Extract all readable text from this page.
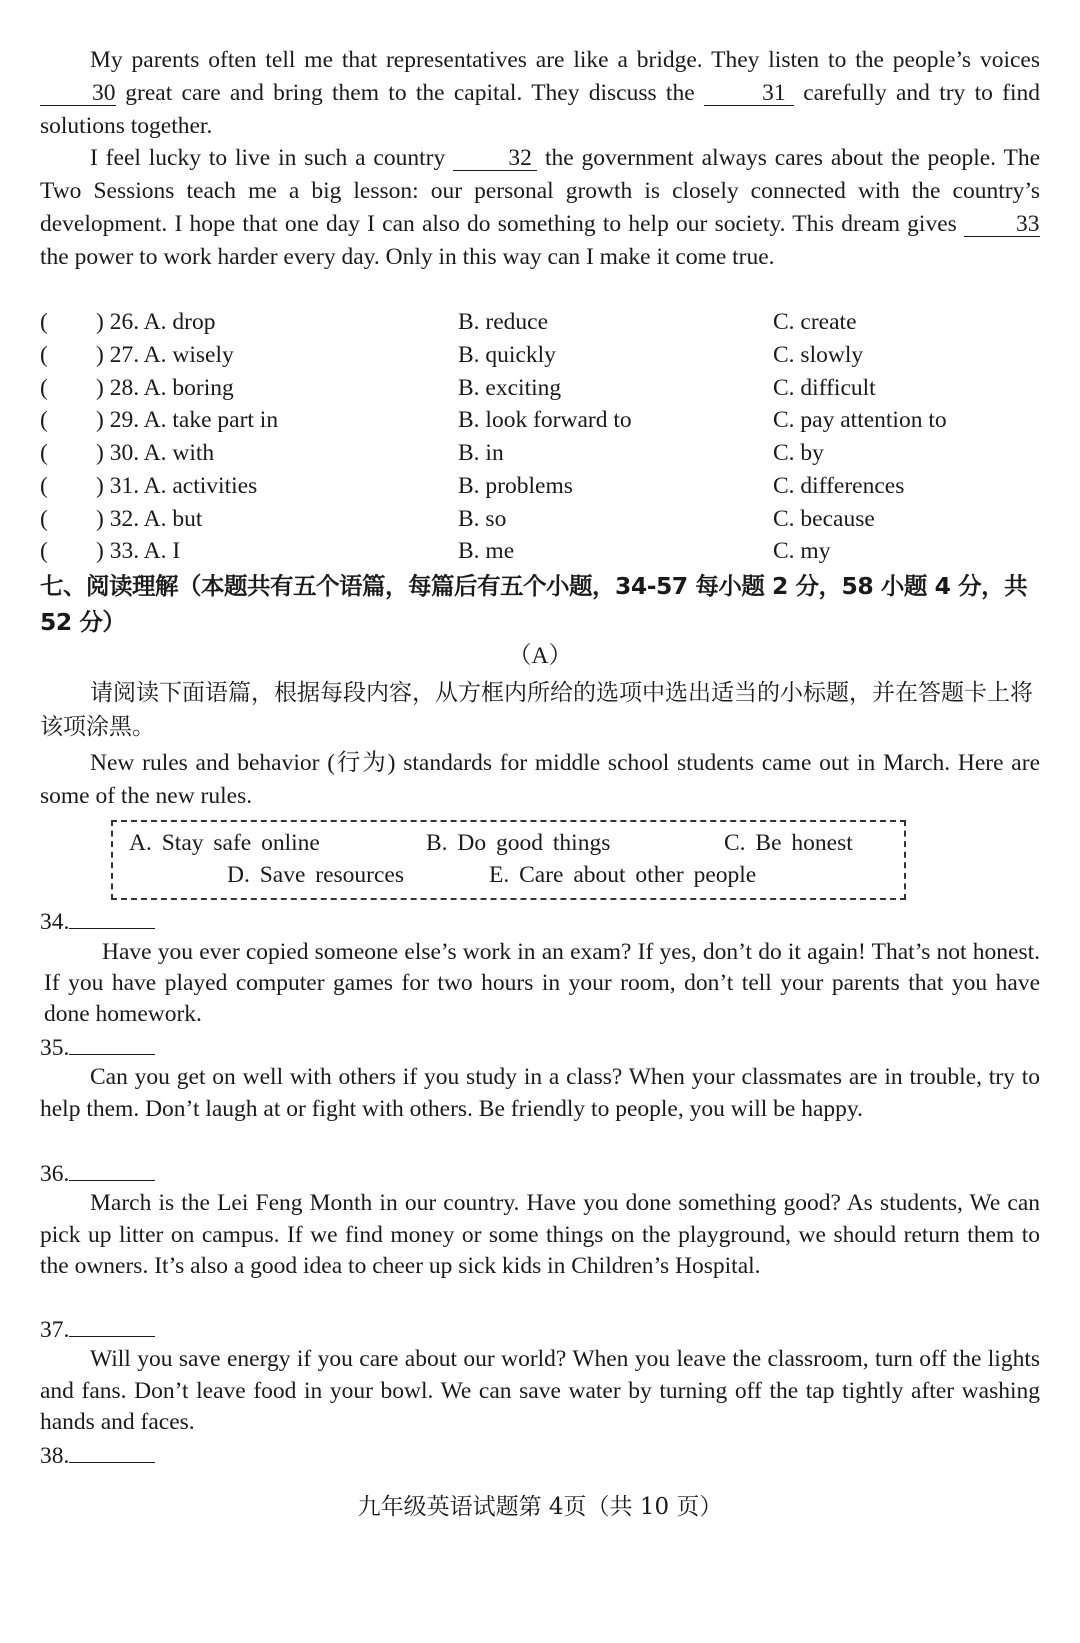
My parents often tell me that representatives are like a bridge. They listen to the people’s voices 30 great care and bring them to the capital. They discuss the	31 carefully and try to find solutions together.
I feel lucky to live in such a country	32 the government always cares about the people. The Two Sessions teach me a big lesson: our personal growth is closely connected with the country’s development. I hope that one day I can also do something to help our society. This dream gives	33 the power to work harder every day. Only in this way can I make it come true.
( ) 26. A. drop	B. reduce	C. create
( ) 27. A. wisely	B. quickly	C. slowly
( ) 28. A. boring	B. exciting	C. difficult
( ) 29. A. take part in	B. look forward to	C. pay attention to
( ) 30. A. with	B. in	C. by
( ) 31. A. activities	B. problems	C. differences
( ) 32. A. but	B. so	C. because
( ) 33. A. I	B. me	C. my
七、阅读理解（本题共有五个语篇，每篇后有五个小题，34-57 每小题 2 分，58 小题 4 分，共 52 分）
（A）
请阅读下面语篇，根据每段内容，从方框内所给的选项中选出适当的小标题，并在答题卡上将该项涂黑。
New rules and behavior (行为) standards for middle school students came out in March. Here are some of the new rules.
A. Stay safe online	B. Do good things	C. Be honest
D. Save resources	E. Care about other people
34.
Have you ever copied someone else’s work in an exam? If yes, don’t do it again! That’s not honest. If you have played computer games for two hours in your room, don’t tell your parents that you have done homework.
35.
Can you get on well with others if you study in a class? When your classmates are in trouble, try to help them. Don’t laugh at or fight with others. Be friendly to people, you will be happy.
36.
March is the Lei Feng Month in our country. Have you done something good? As students, We can pick up litter on campus. If we find money or some things on the playground, we should return them to the owners. It’s also a good idea to cheer up sick kids in Children’s Hospital.
37.
Will you save energy if you care about our world? When you leave the classroom, turn off the lights and fans. Don’t leave food in your bowl. We can save water by turning off the tap tightly after washing hands and faces.
38.
九年级英语试题第 4页（共 10 页）
